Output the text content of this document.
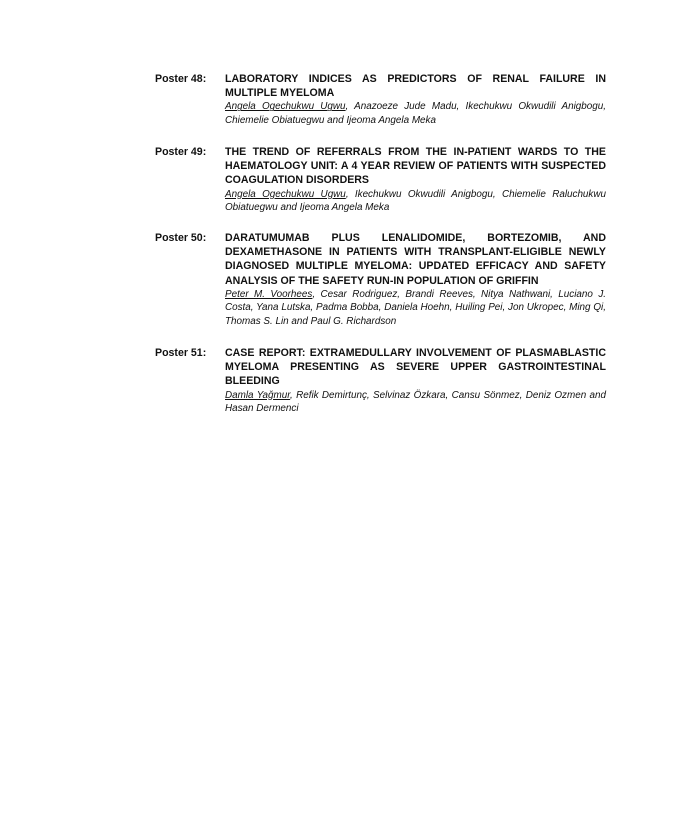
Poster 48:	LABORATORY INDICES AS PREDICTORS OF RENAL FAILURE IN MULTIPLE MYELOMA

Angela Ogechukwu Ugwu, Anazoeze Jude Madu, Ikechukwu Okwudili Anigbogu, Chiemelie Obiatuegwu and Ijeoma Angela Meka

Poster 49:	THE TREND OF REFERRALS FROM THE IN-PATIENT WARDS TO THE HAEMATOLOGY UNIT: A 4 YEAR REVIEW OF PATIENTS WITH SUSPECTED COAGULATION DISORDERS

Angela Ogechukwu Ugwu, Ikechukwu Okwudili Anigbogu, Chiemelie Raluchukwu Obiatuegwu and Ijeoma Angela Meka

Poster 50:	DARATUMUMAB PLUS LENALIDOMIDE, BORTEZOMIB, AND DEXAMETHASONE IN PATIENTS WITH TRANSPLANT-ELIGIBLE NEWLY DIAGNOSED MULTIPLE MYELOMA: UPDATED EFFICACY AND SAFETY ANALYSIS OF THE SAFETY RUN-IN POPULATION OF GRIFFIN

Peter M. Voorhees, Cesar Rodriguez, Brandi Reeves, Nitya Nathwani, Luciano J. Costa, Yana Lutska, Padma Bobba, Daniela Hoehn, Huiling Pei, Jon Ukropec, Ming Qi, Thomas S. Lin and Paul G. Richardson

Poster 51:	CASE REPORT: EXTRAMEDULLARY INVOLVEMENT OF PLASMABLASTIC MYELOMA PRESENTING AS SEVERE UPPER GASTROINTESTINAL BLEEDING

Damla Yağmur, Refik Demirtunç, Selvinaz Özkara, Cansu Sönmez, Deniz Ozmen and Hasan Dermenci
